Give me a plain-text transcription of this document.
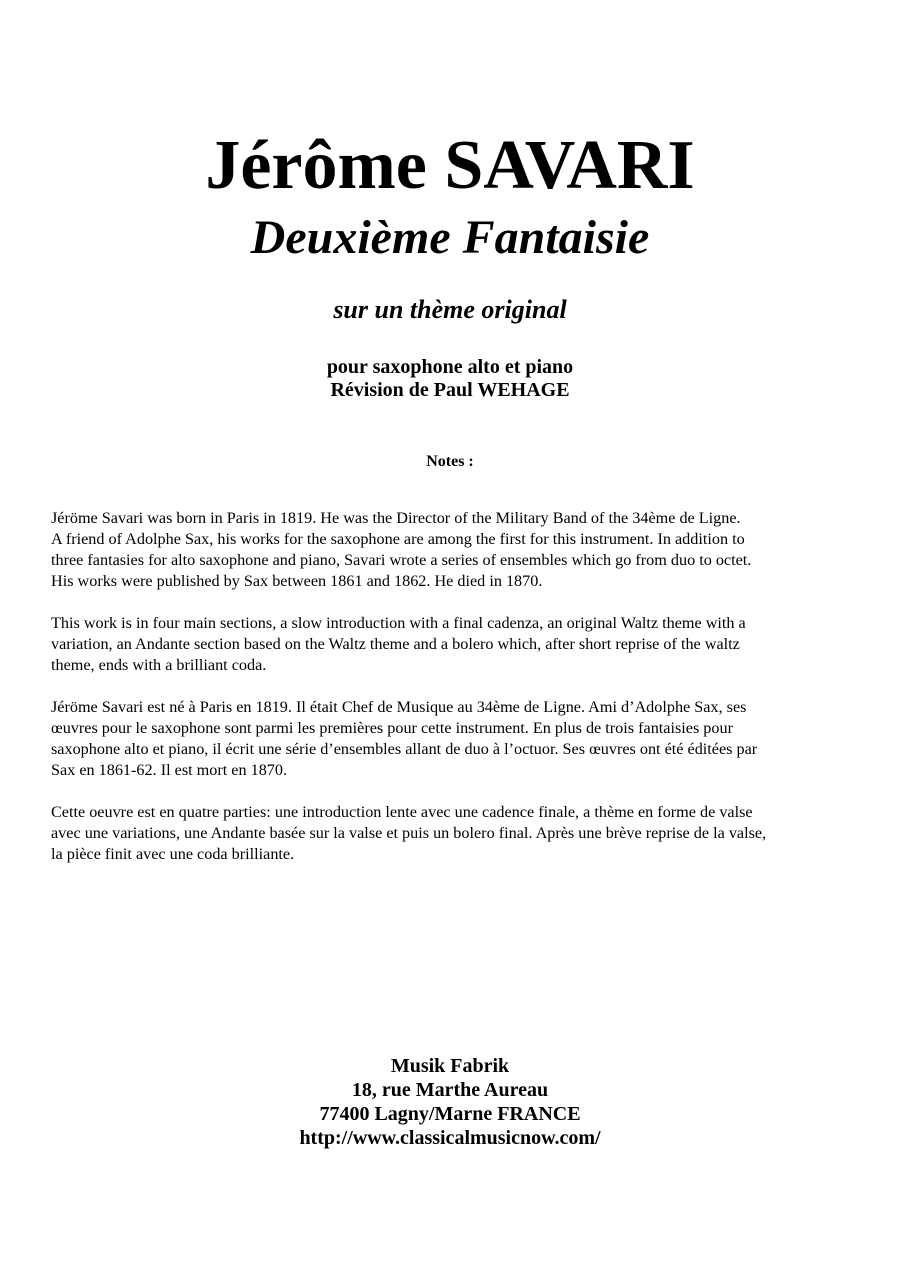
Jérôme SAVARI
Deuxième Fantaisie
sur un thème original
pour saxophone alto et piano
Révision de Paul WEHAGE
Notes :

Jéröme Savari was born in Paris in 1819. He was the Director of the Military Band of the 34ème de Ligne.
A friend of Adolphe Sax, his works for the saxophone are among the first for this instrument. In addition to
three fantasies for alto saxophone and piano, Savari wrote a series of ensembles which go from duo to octet.
His works were published by Sax between 1861 and 1862. He died in 1870.

This work is in four main sections, a slow introduction with a final cadenza, an original Waltz theme with a
variation, an Andante section based on the Waltz theme and a bolero which, after short reprise of the waltz
theme, ends with a brilliant coda.

Jéröme Savari est né à Paris en 1819. Il était Chef de Musique au 34ème de Ligne. Ami d’Adolphe Sax, ses
œuvres pour le saxophone sont parmi les premières pour cette instrument. En plus de trois fantaisies pour
saxophone alto et piano, il écrit une série d’ensembles allant de duo à l’octuor. Ses œuvres ont été éditées par
Sax en 1861-62. Il est mort en 1870.

Cette oeuvre est en quatre parties: une introduction lente avec une cadence finale, a thème en forme de valse
avec une variations, une Andante basée sur la valse et puis un bolero final. Après une brève reprise de la valse,
la pièce finit avec une coda brilliante.

Musik Fabrik
18, rue Marthe Aureau
77400 Lagny/Marne FRANCE
http://www.classicalmusicnow.com/
